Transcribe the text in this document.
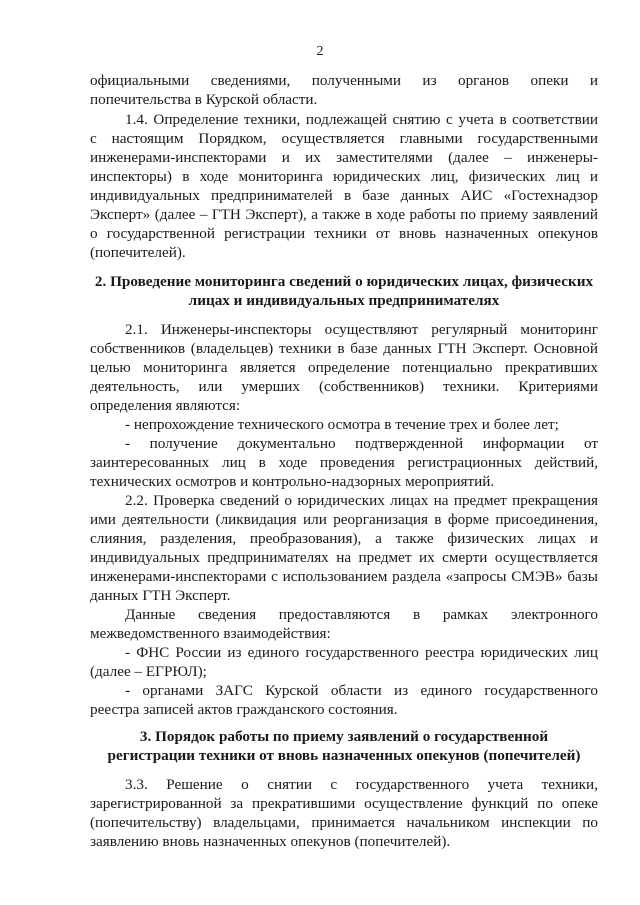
2
официальными сведениями, полученными из органов опеки и
попечительства в Курской области.
1.4. Определение техники, подлежащей снятию с учета в соответствии
с настоящим Порядком, осуществляется главными государственными
инженерами-инспекторами и их заместителями (далее – инженеры-
инспекторы) в ходе мониторинга юридических лиц, физических лиц и
индивидуальных предпринимателей в базе данных АИС «Гостехнадзор
Эксперт» (далее – ГТН Эксперт), а также в ходе работы по приему заявлений
о государственной регистрации техники от вновь назначенных опекунов
(попечителей).
2. Проведение мониторинга сведений о юридических лицах, физических
лицах и индивидуальных предпринимателях
2.1. Инженеры-инспекторы осуществляют регулярный мониторинг
собственников (владельцев) техники в базе данных ГТН Эксперт. Основной
целью мониторинга является определение потенциально прекративших
деятельность, или умерших (собственников) техники. Критериями
определения являются:
- непрохождение технического осмотра в течение трех и более лет;
- получение документально подтвержденной информации от
заинтересованных лиц в ходе проведения регистрационных действий,
технических осмотров и контрольно-надзорных мероприятий.
2.2. Проверка сведений о юридических лицах на предмет прекращения
ими деятельности (ликвидация или реорганизация в форме присоединения,
слияния, разделения, преобразования), а также физических лицах и
индивидуальных предпринимателях на предмет их смерти осуществляется
инженерами-инспекторами с использованием раздела «запросы СМЭВ» базы
данных ГТН Эксперт.
Данные сведения предоставляются в рамках электронного
межведомственного взаимодействия:
- ФНС России из единого государственного реестра юридических лиц
(далее – ЕГРЮЛ);
- органами ЗАГС Курской области из единого государственного
реестра записей актов гражданского состояния.
3. Порядок работы по приему заявлений о государственной
регистрации техники от вновь назначенных опекунов (попечителей)
3.3. Решение о снятии с государственного учета техники,
зарегистрированной за прекратившими осуществление функций по опеке
(попечительству) владельцами, принимается начальником инспекции по
заявлению вновь назначенных опекунов (попечителей).
